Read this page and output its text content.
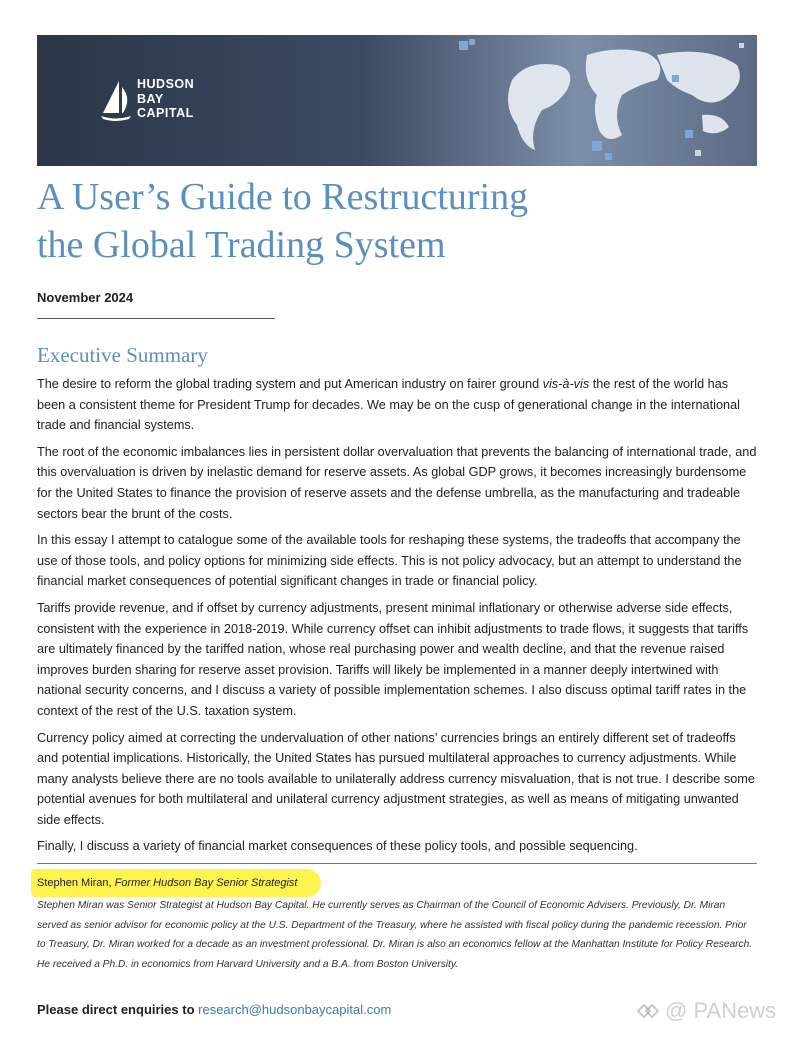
HUDSON
BAY
CAPITAL
A User’s Guide to Restructuring
the Global Trading System
November 2024
Executive Summary

The desire to reform the global trading system and put American industry on fairer ground vis-à-vis the rest of the world has been a consistent theme for President Trump for decades. We may be on the cusp of generational change in the international trade and financial systems.

The root of the economic imbalances lies in persistent dollar overvaluation that prevents the balancing of international trade, and this overvaluation is driven by inelastic demand for reserve assets. As global GDP grows, it becomes increasingly burdensome for the United States to finance the provision of reserve assets and the defense umbrella, as the manufacturing and tradeable sectors bear the brunt of the costs.

In this essay I attempt to catalogue some of the available tools for reshaping these systems, the tradeoffs that accompany the use of those tools, and policy options for minimizing side effects. This is not policy advocacy, but an attempt to understand the financial market consequences of potential significant changes in trade or financial policy.

Tariffs provide revenue, and if offset by currency adjustments, present minimal inflationary or otherwise adverse side effects, consistent with the experience in 2018-2019. While currency offset can inhibit adjustments to trade flows, it suggests that tariffs are ultimately financed by the tariffed nation, whose real purchasing power and wealth decline, and that the revenue raised improves burden sharing for reserve asset provision. Tariffs will likely be implemented in a manner deeply intertwined with national security concerns, and I discuss a variety of possible implementation schemes. I also discuss optimal tariff rates in the context of the rest of the U.S. taxation system.

Currency policy aimed at correcting the undervaluation of other nations’ currencies brings an entirely different set of tradeoffs and potential implications. Historically, the United States has pursued multilateral approaches to currency adjustments. While many analysts believe there are no tools available to unilaterally address currency misvaluation, that is not true. I describe some potential avenues for both multilateral and unilateral currency adjustment strategies, as well as means of mitigating unwanted side effects.

Finally, I discuss a variety of financial market consequences of these policy tools, and possible sequencing.

Stephen Miran, Former Hudson Bay Senior Strategist
Stephen Miran was Senior Strategist at Hudson Bay Capital. He currently serves as Chairman of the Council of Economic Advisers. Previously, Dr. Miran served as senior advisor for economic policy at the U.S. Department of the Treasury, where he assisted with fiscal policy during the pandemic recession. Prior to Treasury, Dr. Miran worked for a decade as an investment professional. Dr. Miran is also an economics fellow at the Manhattan Institute for Policy Research. He received a Ph.D. in economics from Harvard University and a B.A. from Boston University.
Please direct enquiries to research@hudsonbaycapital.com	@ PANews
